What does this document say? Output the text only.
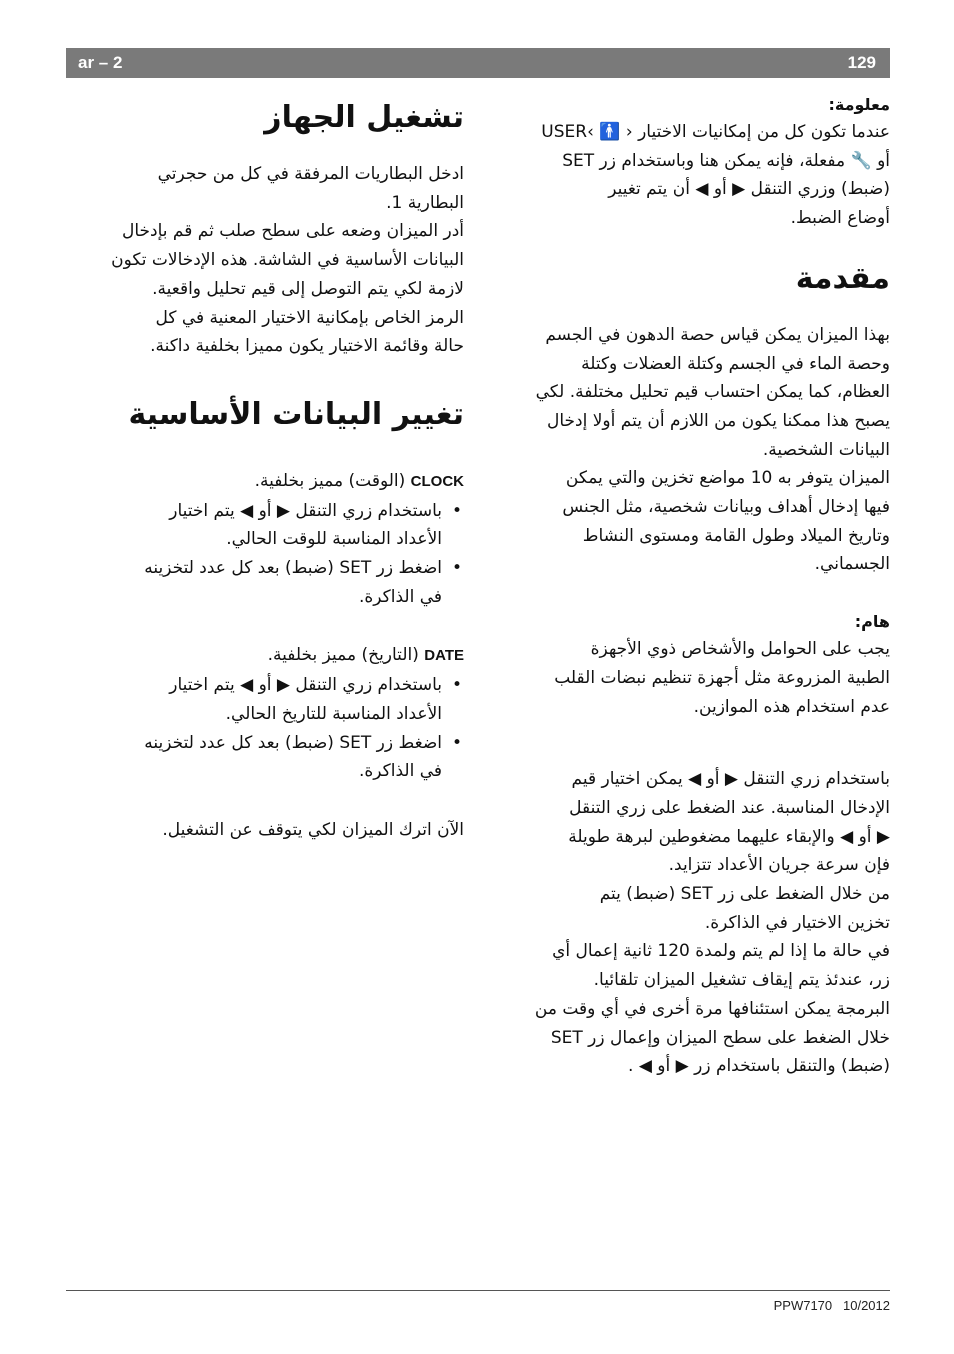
ar – 2	129

معلومة:

عندما تكون كل من إمكانيات الاختيار ‹ 🚹 ›USER

أو 🔧 مفعلة، فإنه يمكن هنا وباستخدام زر SET

(ضبط) وزري التنقل ▶ أو ◀ أن يتم تغيير

أوضاع الضبط.

مقدمة

بهذا الميزان يمكن قياس حصة الدهون في الجسم

وحصة الماء في الجسم وكتلة العضلات وكتلة

العظام، كما يمكن احتساب قيم تحليل مختلفة. لكي

يصبح هذا ممكنا يكون من اللازم أن يتم أولا إدخال

البيانات الشخصية.

الميزان يتوفر به 10 مواضع تخزين والتي يمكن

فيها إدخال أهداف وبيانات شخصية، مثل الجنس

وتاريخ الميلاد وطول القامة ومستوى النشاط

الجسماني.

هام:

يجب على الحوامل والأشخاص ذوي الأجهزة

الطبية المزروعة مثل أجهزة تنظيم نبضات القلب

عدم استخدام هذه الموازين.

باستخدام زري التنقل ▶ أو ◀ يمكن اختيار قيم

الإدخال المناسبة. عند الضغط على زري التنقل

▶ أو ◀ والإبقاء عليهما مضغوطين لبرهة طويلة

فإن سرعة جريان الأعداد تتزايد.

من خلال الضغط على زر SET (ضبط) يتم

تخزين الاختيار في الذاكرة.

في حالة ما إذا لم يتم ولمدة 120 ثانية إعمال أي

زر، عندئذ يتم إيقاف تشغيل الميزان تلقائيا.

البرمجة يمكن استئنافها مرة أخرى في أي وقت من

خلال الضغط على سطح الميزان وإعمال زر SET

(ضبط) والتنقل باستخدام زر ▶ أو ◀ .

تشغيل الجهاز

ادخل البطاريات المرفقة في كل من حجرتي

البطارية 1.

أدر الميزان وضعه على سطح صلب ثم قم بإدخال

البيانات الأساسية في الشاشة. هذه الإدخالات تكون

لازمة لكي يتم التوصل إلى قيم تحليل واقعية.

الرمز الخاص بإمكانية الاختيار المعنية في كل

حالة وقائمة الاختيار يكون مميزا بخلفية داكنة.

تغيير البيانات الأساسية

CLOCK (الوقت) مميز بخلفية.

• باستخدام زري التنقل ▶ أو ◀ يتم اختيار
الأعداد المناسبة للوقت الحالي.
• اضغط زر SET (ضبط) بعد كل عدد لتخزينه
في الذاكرة.

DATE (التاريخ) مميز بخلفية.

• باستخدام زري التنقل ▶ أو ◀ يتم اختيار
الأعداد المناسبة للتاريخ الحالي.
• اضغط زر SET (ضبط) بعد كل عدد لتخزينه
في الذاكرة.

الآن اترك الميزان لكي يتوقف عن التشغيل.

PPW7170 10/2012
